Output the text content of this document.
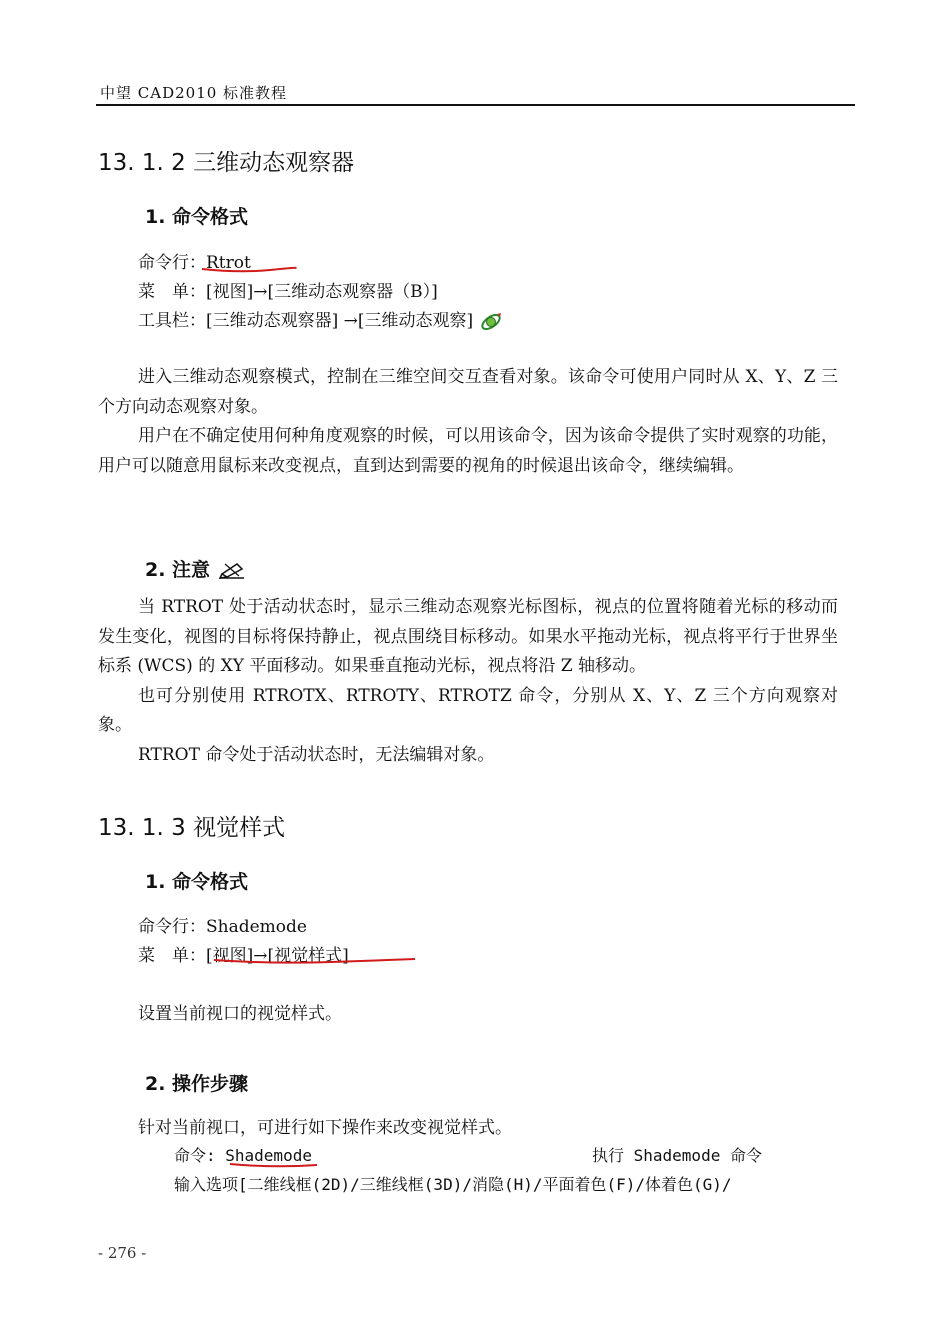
中望 CAD2010 标准教程
13. 1. 2 三维动态观察器
1. 命令格式
命令行：Rtrot
菜　单：[视图]→[三维动态观察器（B）]
工具栏：[三维动态观察器] →[三维动态观察]

进入三维动态观察模式，控制在三维空间交互查看对象。该命令可使用户同时从 X、Y、Z 三个方向动态观察对象。

用户在不确定使用何种角度观察的时候，可以用该命令，因为该命令提供了实时观察的功能，用户可以随意用鼠标来改变视点，直到达到需要的视角的时候退出该命令，继续编辑。

2. 注意

当 RTROT 处于活动状态时，显示三维动态观察光标图标，视点的位置将随着光标的移动而发生变化，视图的目标将保持静止，视点围绕目标移动。如果水平拖动光标，视点将平行于世界坐标系 (WCS) 的 XY 平面移动。如果垂直拖动光标，视点将沿 Z 轴移动。

也可分别使用 RTROTX、RTROTY、RTROTZ 命令，分别从 X、Y、Z 三个方向观察对象。

RTROT 命令处于活动状态时，无法编辑对象。

13. 1. 3 视觉样式
1. 命令格式
命令行：Shademode
菜　单：[视图]→[视觉样式]
设置当前视口的视觉样式。
2. 操作步骤
针对当前视口，可进行如下操作来改变视觉样式。
命令: Shademode	执行 Shademode 命令
输入选项[二维线框(2D)/三维线框(3D)/消隐(H)/平面着色(F)/体着色(G)/
- 276 -
